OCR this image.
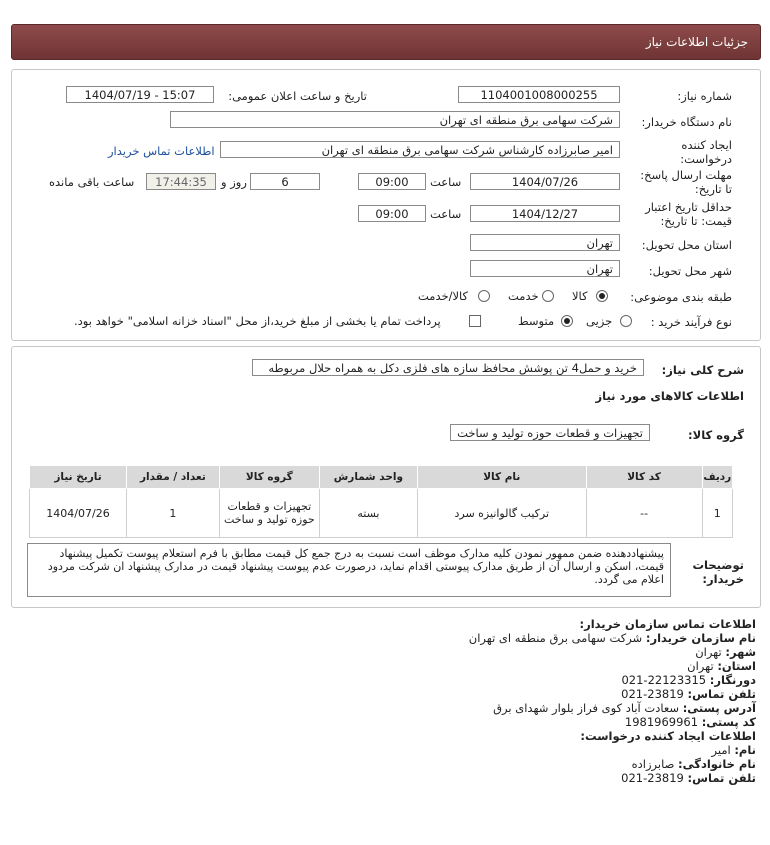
جزئیات اطلاعات نیاز
شماره نیاز:
1104001008000255
تاریخ و ساعت اعلان عمومی:
1404/07/19 - 15:07
نام دستگاه خریدار:
شرکت سهامی برق منطقه ای تهران
ایجاد کننده
درخواست:
امیر صابرزاده کارشناس شرکت سهامی برق منطقه ای تهران
اطلاعات تماس خریدار
مهلت ارسال پاسخ:
تا تاریخ:
1404/07/26
ساعت
09:00
6
روز و
17:44:35
ساعت باقی مانده
حداقل تاریخ اعتبار
قیمت: تا تاریخ:
1404/12/27
ساعت
09:00
استان محل تحویل:
تهران
شهر محل تحویل:
تهران
طبقه بندی موضوعی:
کالا
خدمت
کالا/خدمت
نوع فرآیند خرید :
جزیی
متوسط
پرداخت تمام یا بخشی از مبلغ خرید،از محل "اسناد خزانه اسلامی" خواهد بود.
شرح کلی نیاز:
خرید و حمل4 تن پوشش محافظ سازه های فلزی دکل به همراه حلال مربوطه
اطلاعات کالاهای مورد نیاز
گروه کالا:
تجهیزات و قطعات حوزه تولید و ساخت
ردیف	کد کالا	نام کالا	واحد شمارش	گروه کالا	تعداد / مقدار	تاریخ نیاز
1	--	ترکیب گالوانیزه سرد	بسته	تجهیزات و قطعات حوزه تولید و ساخت	1	1404/07/26
توضیحات
خریدار:
پیشنهاددهنده ضمن ممهور نمودن کلیه مدارک موظف است نسبت به درج جمع کل قیمت مطابق با فرم استعلام پیوست تکمیل پیشنهاد قیمت، اسکن و ارسال آن از طریق مدارک پیوستی اقدام نماید، درصورت عدم پیوست پیشنهاد قیمت در مدارک پیشنهاد ان شرکت مردود اعلام می گردد.
اطلاعات تماس سازمان خریدار:
نام سازمان خریدار: شرکت سهامی برق منطقه ای تهران
شهر: تهران
استان: تهران
دورنگار: 22123315-021
تلفن تماس: 23819-021
آدرس پستی: سعادت آباد کوی فراز بلوار شهدای برق
کد پستی: 1981969961
اطلاعات ایجاد کننده درخواست:
نام: امیر
نام خانوادگی: صابرزاده
تلفن تماس: 23819-021
